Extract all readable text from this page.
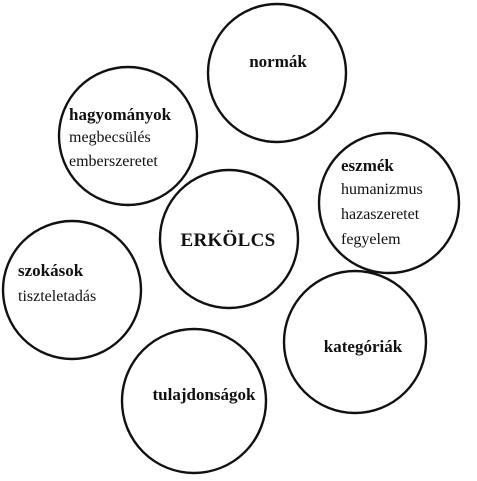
ERKÖLCS
normák
hagyományok
megbecsülés
emberszeretet	eszmék
humanizmus
hazaszeretet
fegyelem
szokások
tiszteletadás
kategóriák
tulajdonságok
